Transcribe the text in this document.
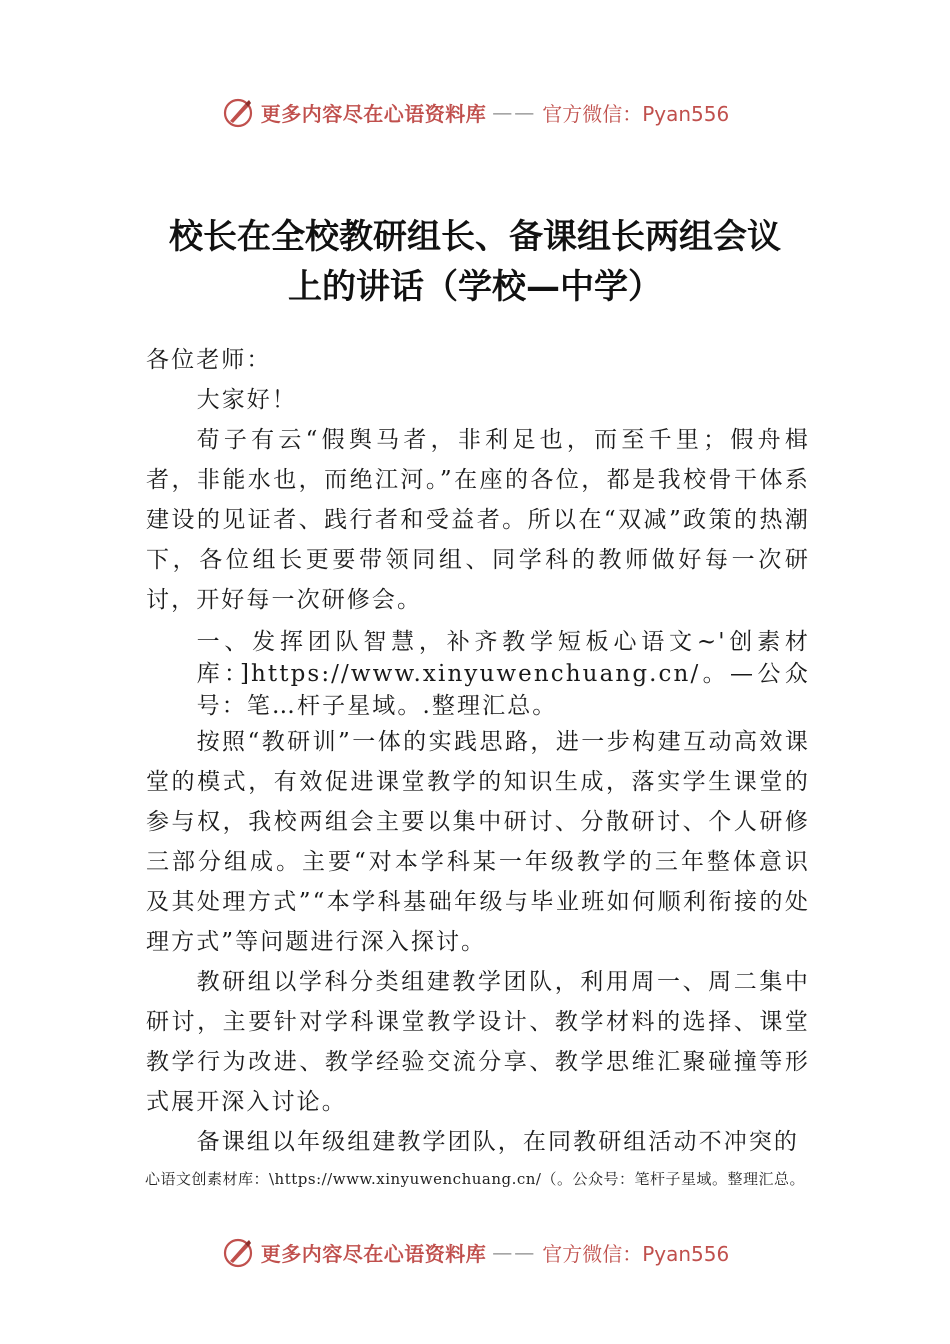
更多内容尽在心语资料库 —— 官方微信：Pyan556
校长在全校教研组长、备课组长两组会议
上的讲话（学校—中学）

各位老师：

大家好！

荀子有云“假舆马者，非利足也，而至千里；假舟楫者，非能水也，而绝江河。”在座的各位，都是我校骨干体系建设的见证者、践行者和受益者。所以在“双减”政策的热潮下，各位组长更要带领同组、同学科的教师做好每一次研讨，开好每一次研修会。

一、发挥团队智慧，补齐教学短板心语文~'创素材库：]https://www.xinyuwenchuang.cn/。—公众号：笔…杆子星域。.整理汇总。

按照“教研训”一体的实践思路，进一步构建互动高效课堂的模式，有效促进课堂教学的知识生成，落实学生课堂的参与权，我校两组会主要以集中研讨、分散研讨、个人研修三部分组成。主要“对本学科某一年级教学的三年整体意识及其处理方式”“本学科基础年级与毕业班如何顺利衔接的处理方式”等问题进行深入探讨。

教研组以学科分类组建教学团队，利用周一、周二集中研讨，主要针对学科课堂教学设计、教学材料的选择、课堂教学行为改进、教学经验交流分享、教学思维汇聚碰撞等形式展开深入讨论。

备课组以年级组建教学团队，在同教研组活动不冲突的

心语文创素材库：\https://www.xinyuwenchuang.cn/（。公众号：笔杆子星域。整理汇总。
更多内容尽在心语资料库 —— 官方微信：Pyan556
